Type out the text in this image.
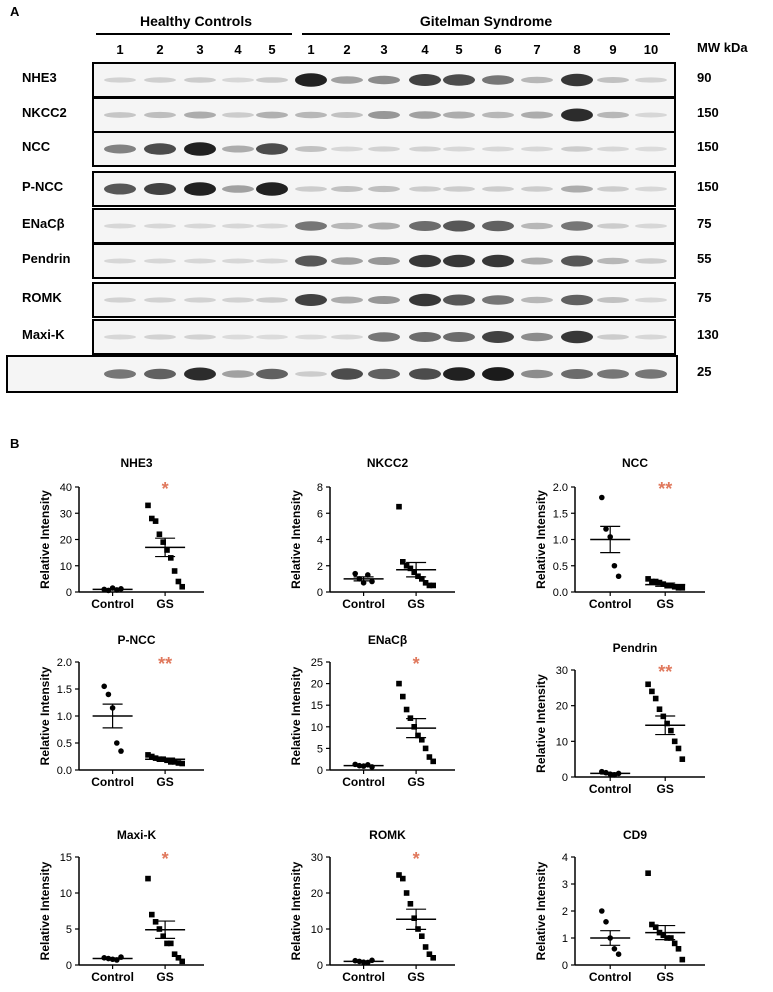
A
Healthy Controls	Gitelman Syndrome
1	2	3	4	5	1	2	3	4	5	6	7	8	9	10	MW kDa
NHE3	90
NKCC2	150
NCC	150
P-NCC	150
ENaCβ	75
Pendrin	55
ROMK	75
Maxi-K	130
25
B
NHE3
0
10
20
30
40
Relative Intensity
Control GS
*
NKCC2
0
2
4
6
8
Relative Intensity
Control GS
NCC
0.0
0.5
1.0
1.5
2.0
Relative Intensity
Control GS
**
P-NCC
0.0
0.5
1.0
1.5
2.0
Relative Intensity
Control GS
**
ENaCβ
0
5
10
15
20
25
Relative Intensity
Control GS
*
Pendrin
0
10
20
30
Relative Intensity
Control GS
**
Maxi-K
0
5
10
15
Relative Intensity
Control GS
*
ROMK
0
10
20
30
Relative Intensity
Control GS
*
CD9
0
1
2
3
4
Relative Intensity
Control GS
